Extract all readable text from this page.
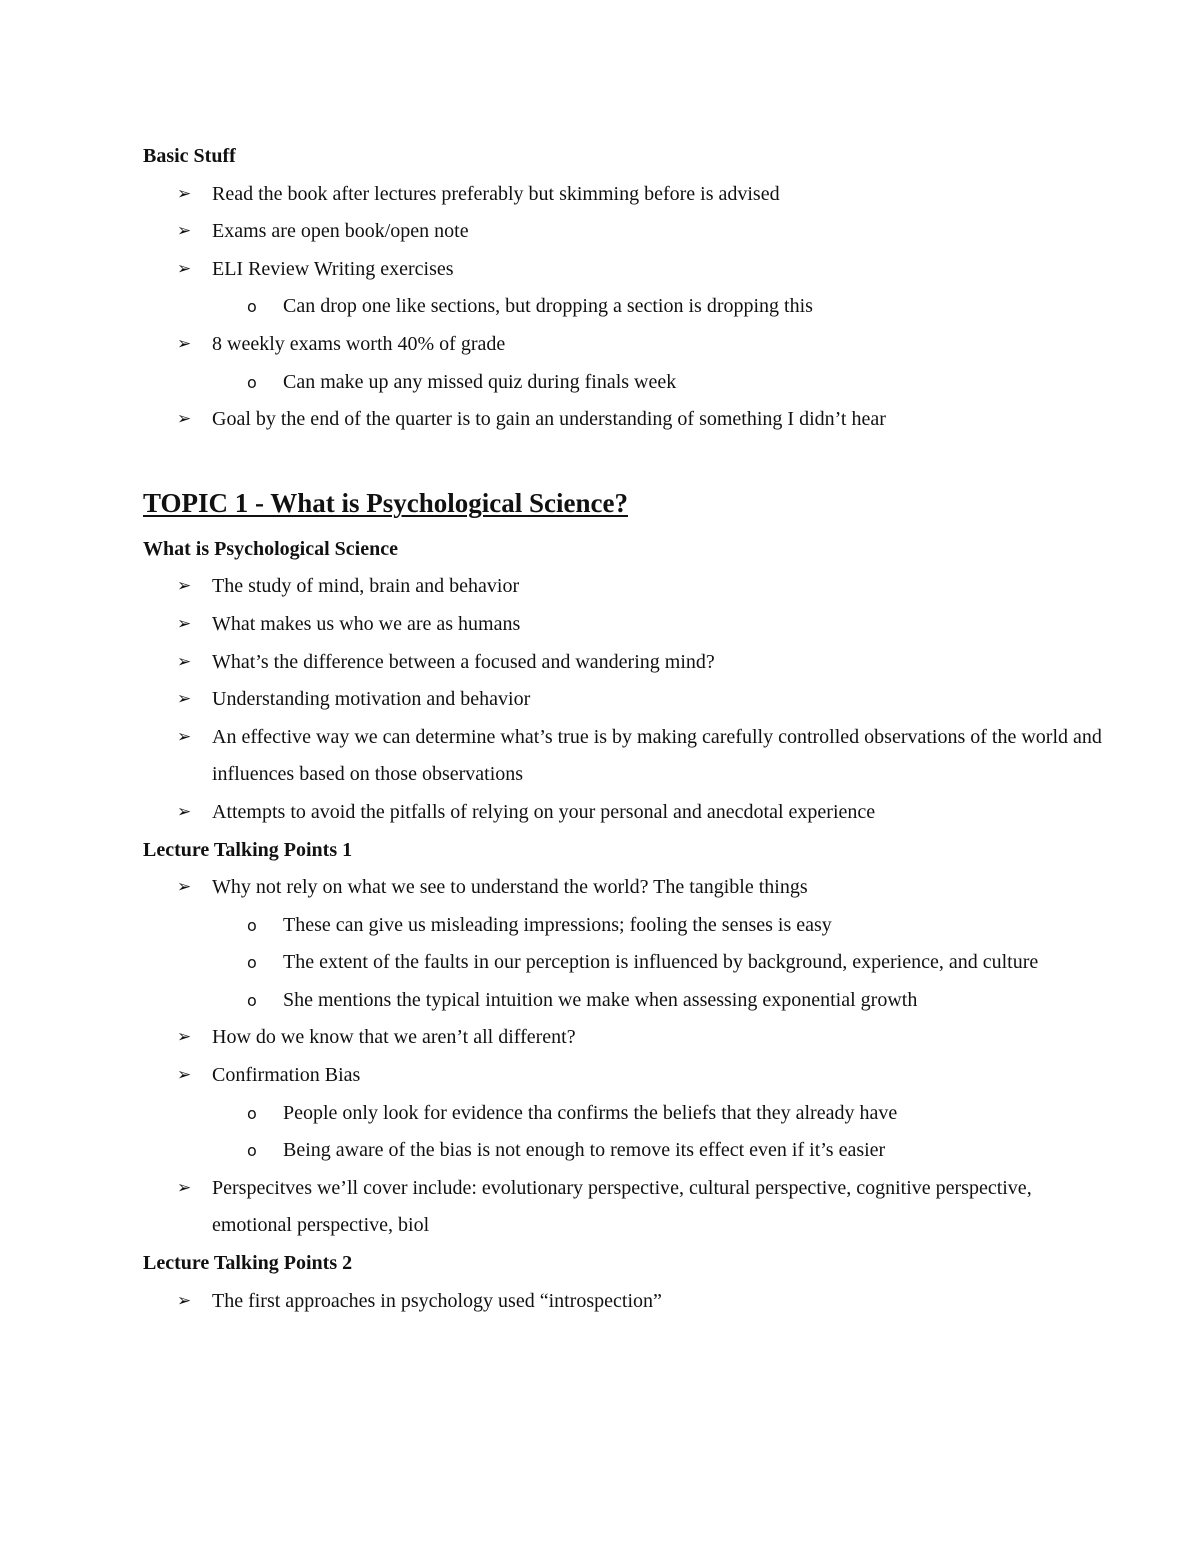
Basic Stuff
➢ Read the book after lectures preferably but skimming before is advised
➢ Exams are open book/open note
➢ ELI Review Writing exercises
o Can drop one like sections, but dropping a section is dropping this
➢ 8 weekly exams worth 40% of grade
o Can make up any missed quiz during finals week
➢ Goal by the end of the quarter is to gain an understanding of something I didn’t hear
TOPIC 1 - What is Psychological Science?
What is Psychological Science
➢ The study of mind, brain and behavior
➢ What makes us who we are as humans
➢ What’s the difference between a focused and wandering mind?
➢ Understanding motivation and behavior
➢ An effective way we can determine what’s true is by making carefully controlled observations of the world and influences based on those observations
➢ Attempts to avoid the pitfalls of relying on your personal and anecdotal experience
Lecture Talking Points 1
➢ Why not rely on what we see to understand the world? The tangible things
o These can give us misleading impressions; fooling the senses is easy
o The extent of the faults in our perception is influenced by background, experience, and culture
o She mentions the typical intuition we make when assessing exponential growth
➢ How do we know that we aren’t all different?
➢ Confirmation Bias
o People only look for evidence tha confirms the beliefs that they already have
o Being aware of the bias is not enough to remove its effect even if it’s easier
➢ Perspecitves we’ll cover include: evolutionary perspective, cultural perspective, cognitive perspective, emotional perspective, biol
Lecture Talking Points 2
➢ The first approaches in psychology used “introspection”
